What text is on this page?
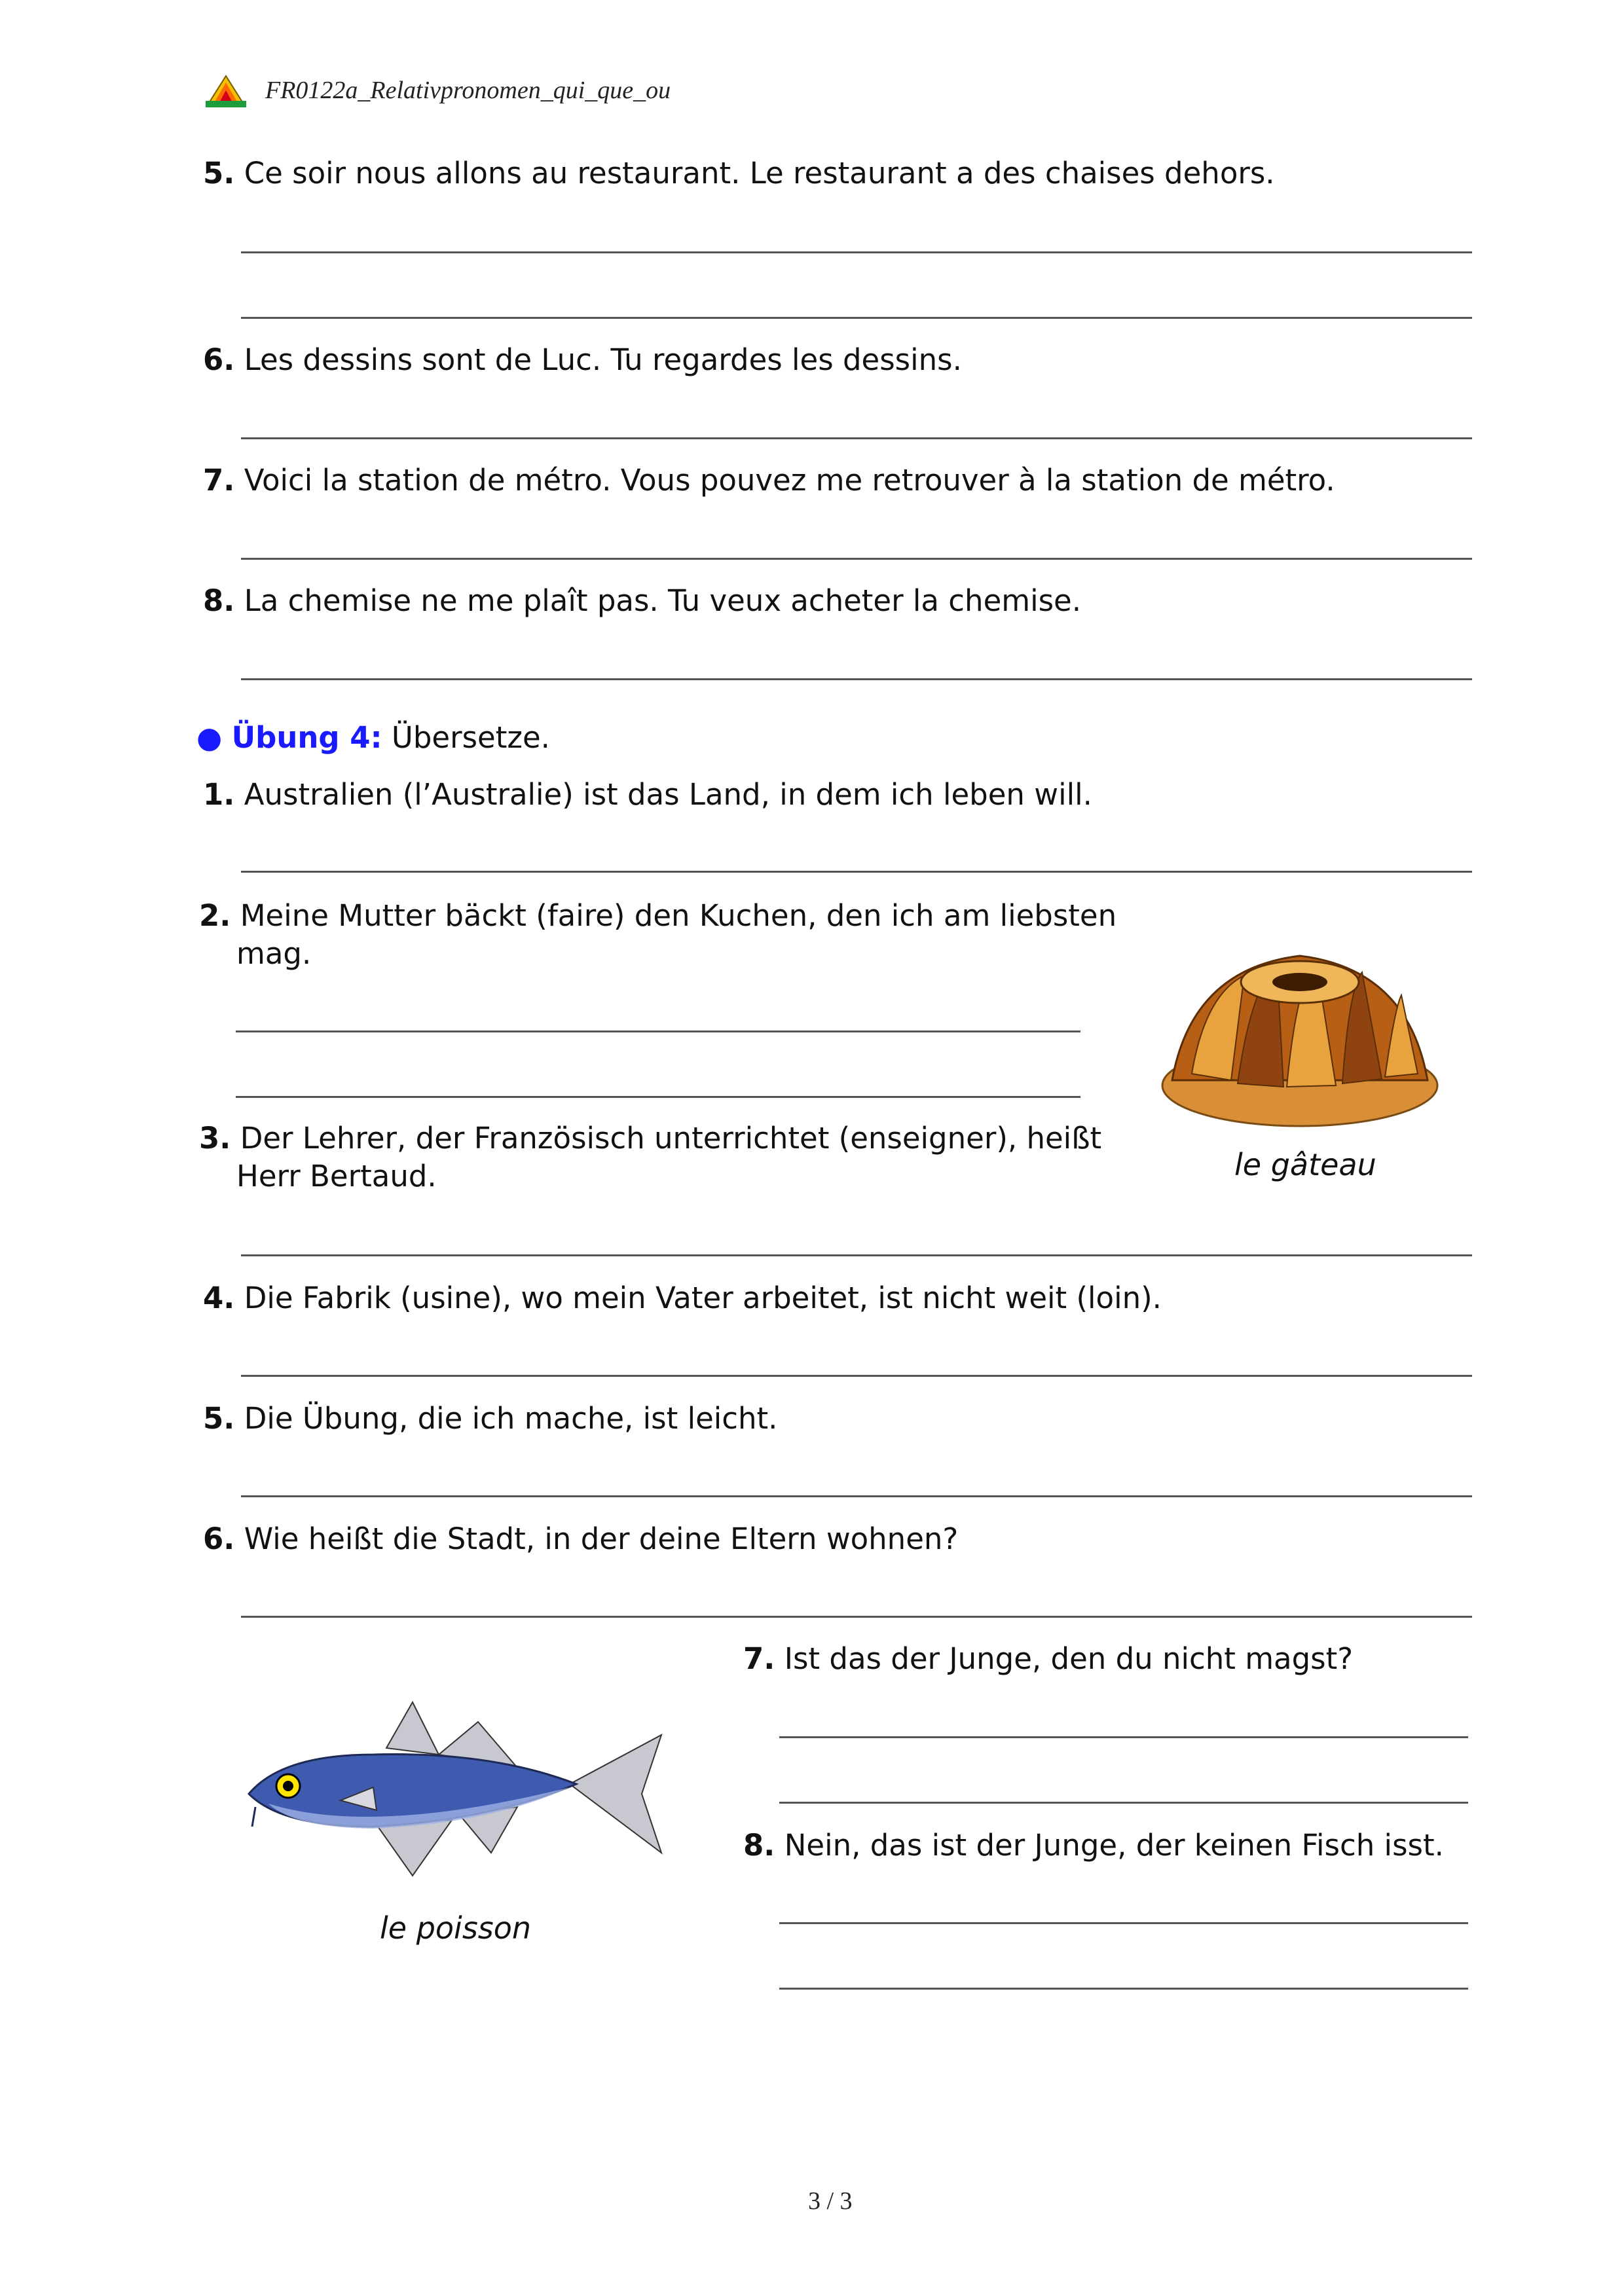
FR0122a_Relativpronomen_qui_que_ou
5. Ce soir nous allons au restaurant. Le restaurant a des chaises dehors.
6. Les dessins sont de Luc. Tu regardes les dessins.
7. Voici la station de métro. Vous pouvez me retrouver à la station de métro.
8. La chemise ne me plaît pas. Tu veux acheter la chemise.
● Übung 4: Übersetze.
1. Australien (l’Australie) ist das Land, in dem ich leben will.
2. Meine Mutter bäckt (faire) den Kuchen, den ich am liebsten
mag.
3. Der Lehrer, der Französisch unterrichtet (enseigner), heißt
Herr Bertaud.	le gâteau
4. Die Fabrik (usine), wo mein Vater arbeitet, ist nicht weit (loin).
5. Die Übung, die ich mache, ist leicht.
6. Wie heißt die Stadt, in der deine Eltern wohnen?
le poisson
7. Ist das der Junge, den du nicht magst?
8. Nein, das ist der Junge, der keinen Fisch isst.
3 / 3
